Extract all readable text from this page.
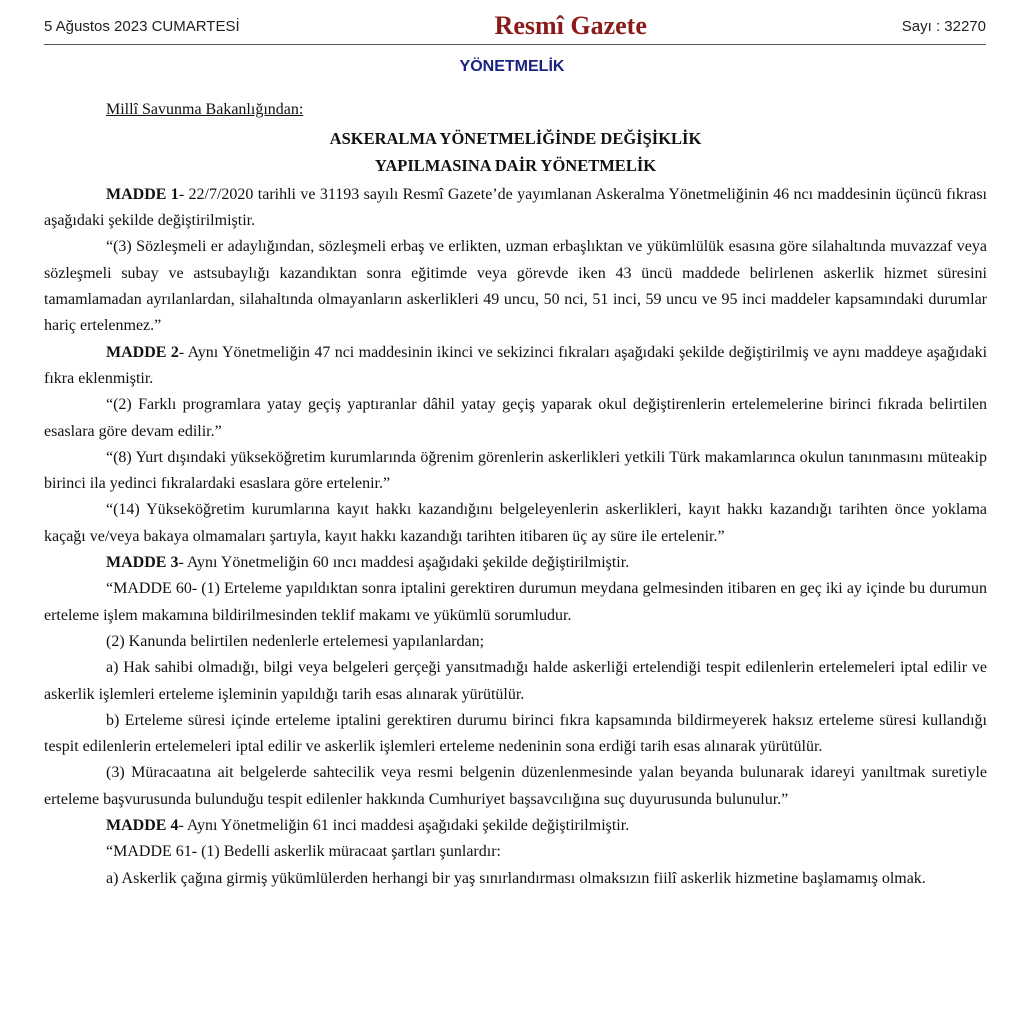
5 Ağustos 2023 CUMARTESİ	Resmî Gazete	Sayı : 32270
YÖNETMELİK

Millî Savunma Bakanlığından:

ASKERALMA YÖNETMELİĞİNDE DEĞİŞİKLİK
YAPILMASINA DAİR YÖNETMELİK

MADDE 1- 22/7/2020 tarihli ve 31193 sayılı Resmî Gazete’de yayımlanan Askeralma Yönetmeliğinin 46 ncı maddesinin üçüncü fıkrası aşağıdaki şekilde değiştirilmiştir.

“(3) Sözleşmeli er adaylığından, sözleşmeli erbaş ve erlikten, uzman erbaşlıktan ve yükümlülük esasına göre silahaltında muvazzaf veya sözleşmeli subay ve astsubaylığı kazandıktan sonra eğitimde veya görevde iken 43 üncü maddede belirlenen askerlik hizmet süresini tamamlamadan ayrılanlardan, silahaltında olmayanların askerlikleri 49 uncu, 50 nci, 51 inci, 59 uncu ve 95 inci maddeler kapsamındaki durumlar hariç ertelenmez.”

MADDE 2- Aynı Yönetmeliğin 47 nci maddesinin ikinci ve sekizinci fıkraları aşağıdaki şekilde değiştirilmiş ve aynı maddeye aşağıdaki fıkra eklenmiştir.

“(2) Farklı programlara yatay geçiş yaptıranlar dâhil yatay geçiş yaparak okul değiştirenlerin ertelemelerine birinci fıkrada belirtilen esaslara göre devam edilir.”

“(8) Yurt dışındaki yükseköğretim kurumlarında öğrenim görenlerin askerlikleri yetkili Türk makamlarınca okulun tanınmasını müteakip birinci ila yedinci fıkralardaki esaslara göre ertelenir.”

“(14) Yükseköğretim kurumlarına kayıt hakkı kazandığını belgeleyenlerin askerlikleri, kayıt hakkı kazandığı tarihten önce yoklama kaçağı ve/veya bakaya olmamaları şartıyla, kayıt hakkı kazandığı tarihten itibaren üç ay süre ile ertelenir.”

MADDE 3- Aynı Yönetmeliğin 60 ıncı maddesi aşağıdaki şekilde değiştirilmiştir.

“MADDE 60- (1) Erteleme yapıldıktan sonra iptalini gerektiren durumun meydana gelmesinden itibaren en geç iki ay içinde bu durumun erteleme işlem makamına bildirilmesinden teklif makamı ve yükümlü sorumludur.

(2) Kanunda belirtilen nedenlerle ertelemesi yapılanlardan;

a) Hak sahibi olmadığı, bilgi veya belgeleri gerçeği yansıtmadığı halde askerliği ertelendiği tespit edilenlerin ertelemeleri iptal edilir ve askerlik işlemleri erteleme işleminin yapıldığı tarih esas alınarak yürütülür.

b) Erteleme süresi içinde erteleme iptalini gerektiren durumu birinci fıkra kapsamında bildirmeyerek haksız erteleme süresi kullandığı tespit edilenlerin ertelemeleri iptal edilir ve askerlik işlemleri erteleme nedeninin sona erdiği tarih esas alınarak yürütülür.

(3) Müracaatına ait belgelerde sahtecilik veya resmi belgenin düzenlenmesinde yalan beyanda bulunarak idareyi yanıltmak suretiyle erteleme başvurusunda bulunduğu tespit edilenler hakkında Cumhuriyet başsavcılığına suç duyurusunda bulunulur.”

MADDE 4- Aynı Yönetmeliğin 61 inci maddesi aşağıdaki şekilde değiştirilmiştir.

“MADDE 61- (1) Bedelli askerlik müracaat şartları şunlardır:

a) Askerlik çağına girmiş yükümlülerden herhangi bir yaş sınırlandırması olmaksızın fiilî askerlik hizmetine başlamamış olmak.
